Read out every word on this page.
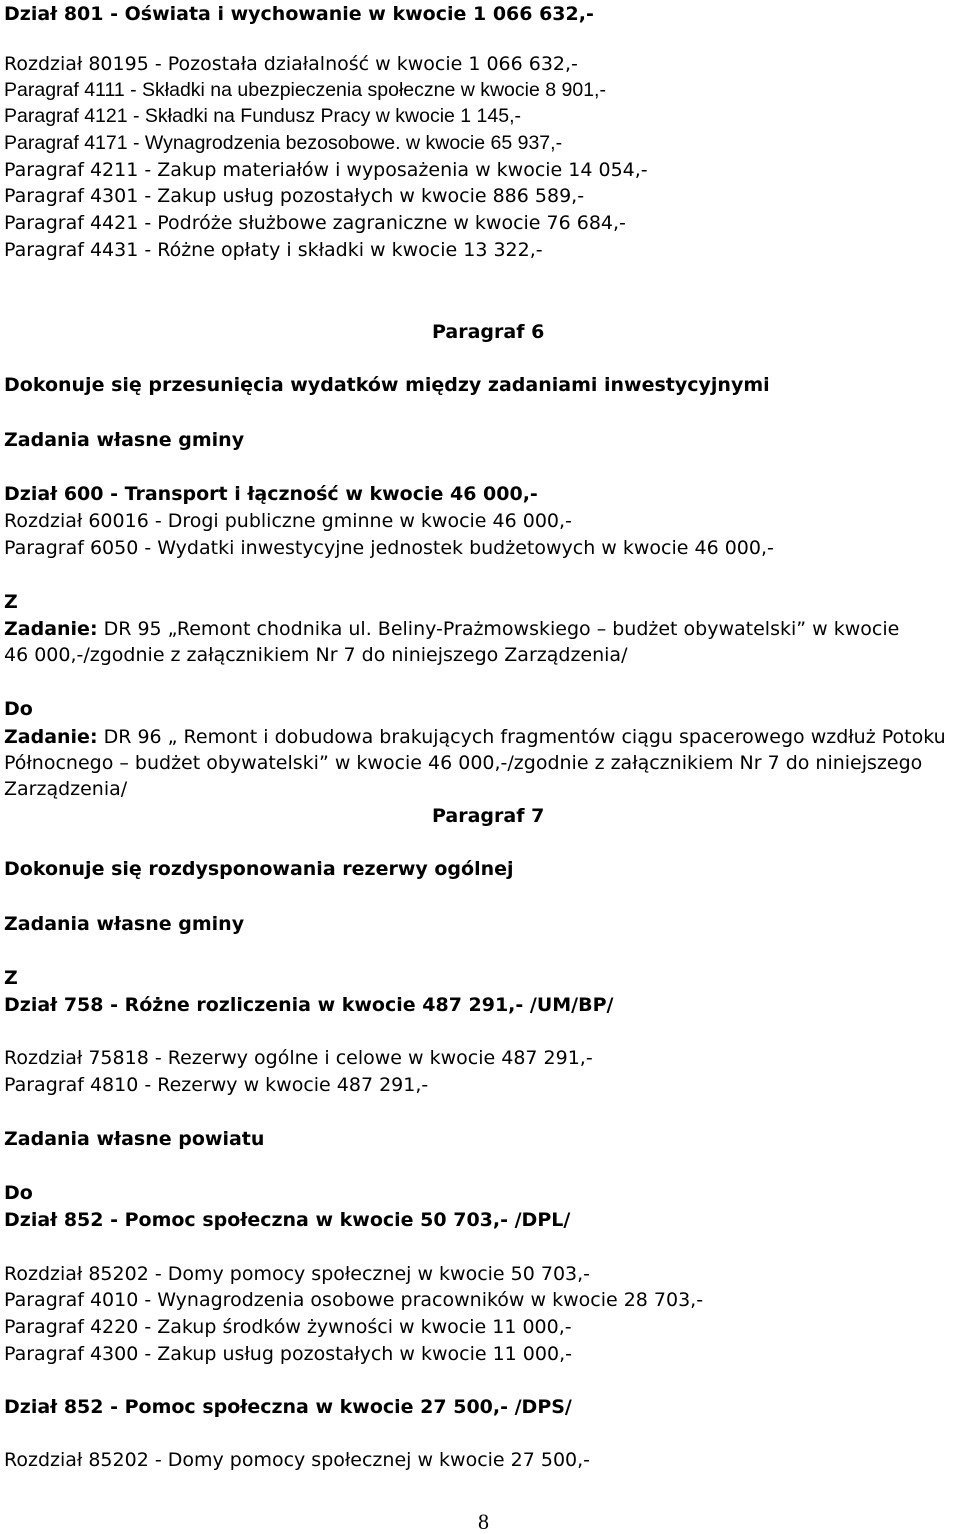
Dział 801 - Oświata i wychowanie w kwocie 1 066 632,-
Rozdział 80195 - Pozostała działalność w kwocie 1 066 632,-
Paragraf 4111 - Składki na ubezpieczenia społeczne w kwocie 8 901,-
Paragraf 4121 - Składki na Fundusz Pracy w kwocie 1 145,-
Paragraf 4171 - Wynagrodzenia bezosobowe. w kwocie 65 937,-
Paragraf 4211 - Zakup materiałów i wyposażenia w kwocie 14 054,-
Paragraf 4301 - Zakup usług pozostałych w kwocie 886 589,-
Paragraf 4421 - Podróże służbowe zagraniczne w kwocie 76 684,-
Paragraf 4431 - Różne opłaty i składki w kwocie 13 322,-
Paragraf 6
Dokonuje się przesunięcia wydatków między zadaniami inwestycyjnymi
Zadania własne gminy
Dział 600 - Transport i łączność w kwocie 46 000,-
Rozdział 60016 - Drogi publiczne gminne w kwocie 46 000,-
Paragraf 6050 - Wydatki inwestycyjne jednostek budżetowych w kwocie 46 000,-
Z
Zadanie: DR 95 „Remont chodnika ul. Beliny-Prażmowskiego – budżet obywatelski” w kwocie
46 000,-/zgodnie z załącznikiem Nr 7 do niniejszego Zarządzenia/
Do
Zadanie: DR 96 „ Remont i dobudowa brakujących fragmentów ciągu spacerowego wzdłuż Potoku
Północnego – budżet obywatelski” w kwocie 46 000,-/zgodnie z załącznikiem Nr 7 do niniejszego
Zarządzenia/
Paragraf 7
Dokonuje się rozdysponowania rezerwy ogólnej
Zadania własne gminy
Z
Dział 758 - Różne rozliczenia w kwocie 487 291,- /UM/BP/
Rozdział 75818 - Rezerwy ogólne i celowe w kwocie 487 291,-
Paragraf 4810 - Rezerwy w kwocie 487 291,-
Zadania własne powiatu
Do
Dział 852 - Pomoc społeczna w kwocie 50 703,- /DPL/
Rozdział 85202 - Domy pomocy społecznej w kwocie 50 703,-
Paragraf 4010 - Wynagrodzenia osobowe pracowników w kwocie 28 703,-
Paragraf 4220 - Zakup środków żywności w kwocie 11 000,-
Paragraf 4300 - Zakup usług pozostałych w kwocie 11 000,-
Dział 852 - Pomoc społeczna w kwocie 27 500,- /DPS/
Rozdział 85202 - Domy pomocy społecznej w kwocie 27 500,-
8
